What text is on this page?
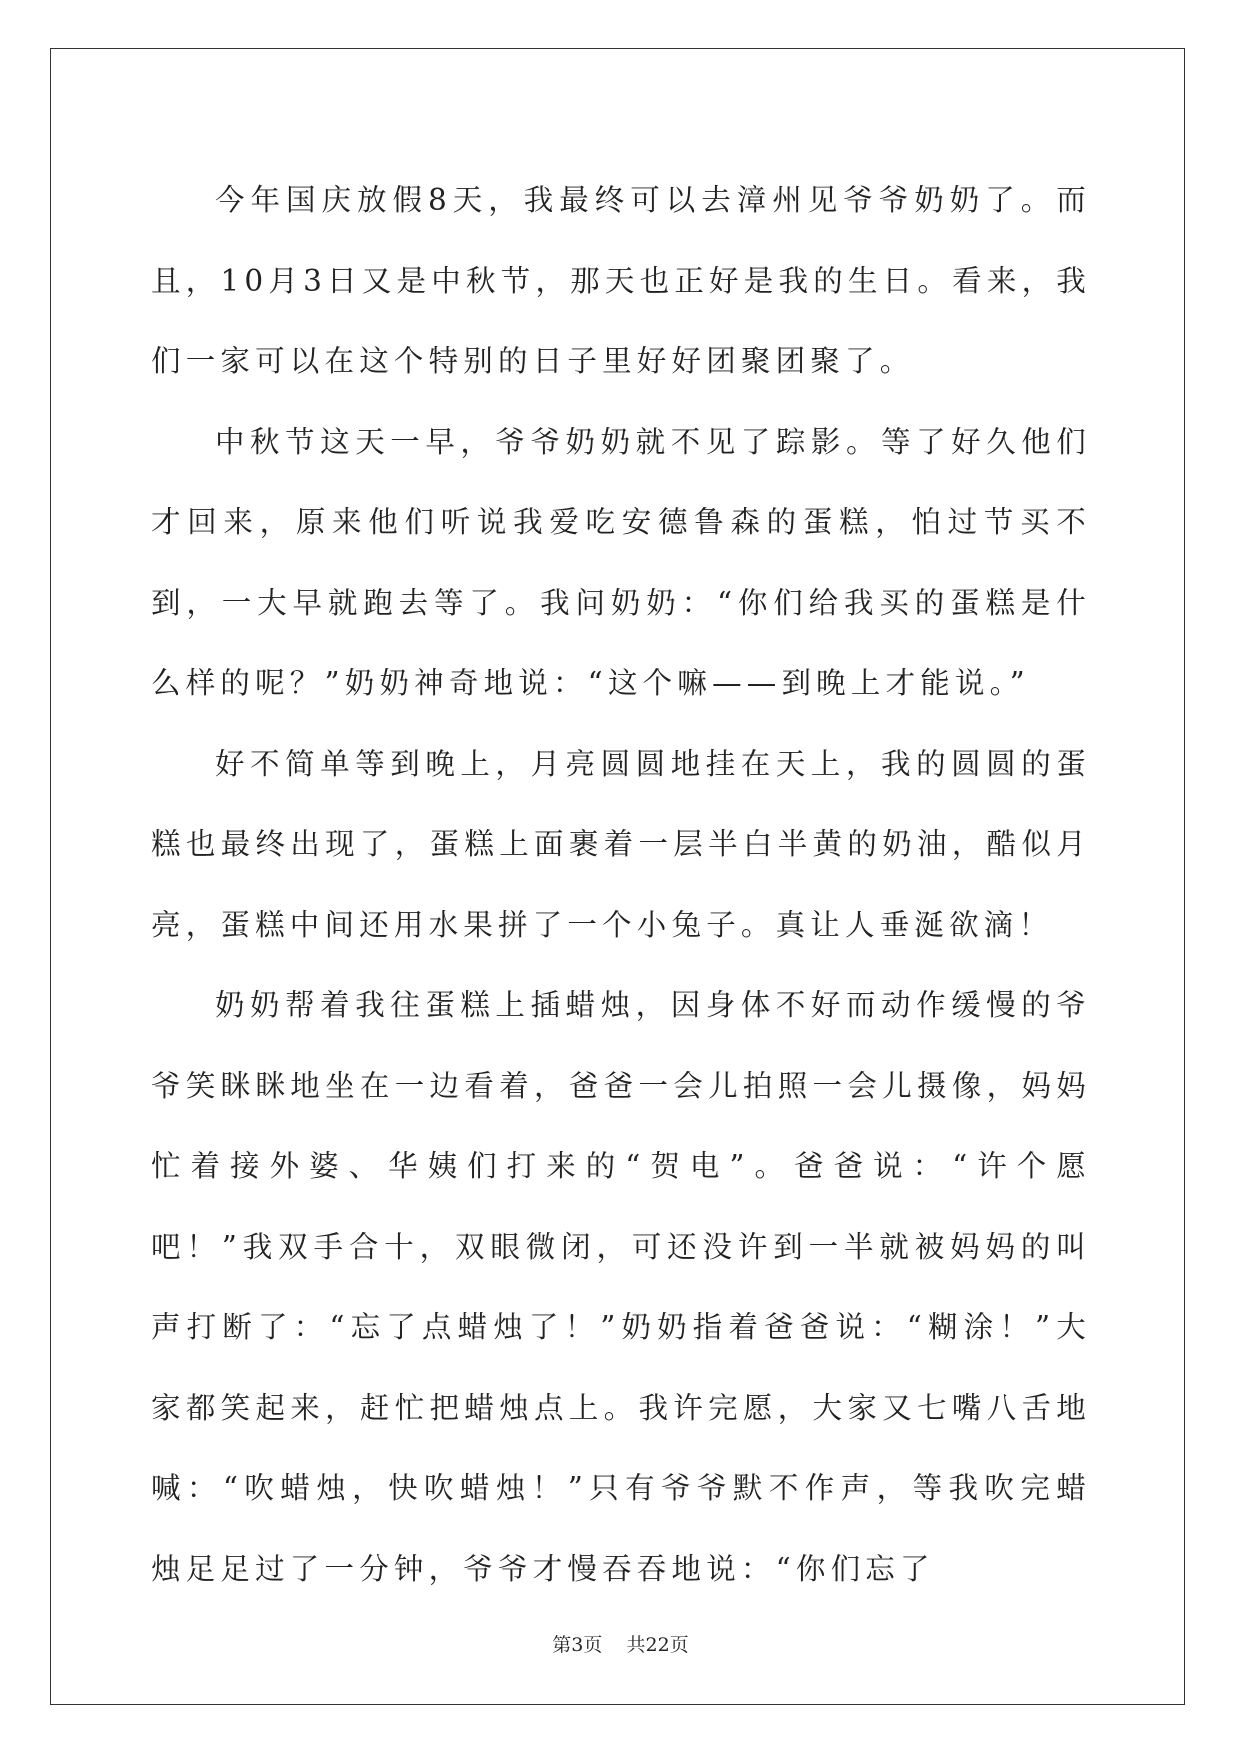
今年国庆放假8天，我最终可以去漳州见爷爷奶奶了。而且，10月3日又是中秋节，那天也正好是我的生日。看来，我们一家可以在这个特别的日子里好好团聚团聚了。

中秋节这天一早，爷爷奶奶就不见了踪影。等了好久他们才回来，原来他们听说我爱吃安德鲁森的蛋糕，怕过节买不到，一大早就跑去等了。我问奶奶：“你们给我买的蛋糕是什么样的呢？”奶奶神奇地说：“这个嘛——到晚上才能说。”

好不简单等到晚上，月亮圆圆地挂在天上，我的圆圆的蛋糕也最终出现了，蛋糕上面裹着一层半白半黄的奶油，酷似月亮，蛋糕中间还用水果拼了一个小兔子。真让人垂涎欲滴！

奶奶帮着我往蛋糕上插蜡烛，因身体不好而动作缓慢的爷爷笑眯眯地坐在一边看着，爸爸一会儿拍照一会儿摄像，妈妈忙着接外婆、华姨们打来的“贺电”。爸爸说：“许个愿吧！”我双手合十，双眼微闭，可还没许到一半就被妈妈的叫声打断了：“忘了点蜡烛了！”奶奶指着爸爸说：“糊涂！”大家都笑起来，赶忙把蜡烛点上。我许完愿，大家又七嘴八舌地喊：“吹蜡烛，快吹蜡烛！”只有爷爷默不作声，等我吹完蜡烛足足过了一分钟，爷爷才慢吞吞地说：“你们忘了

第3页    共22页
